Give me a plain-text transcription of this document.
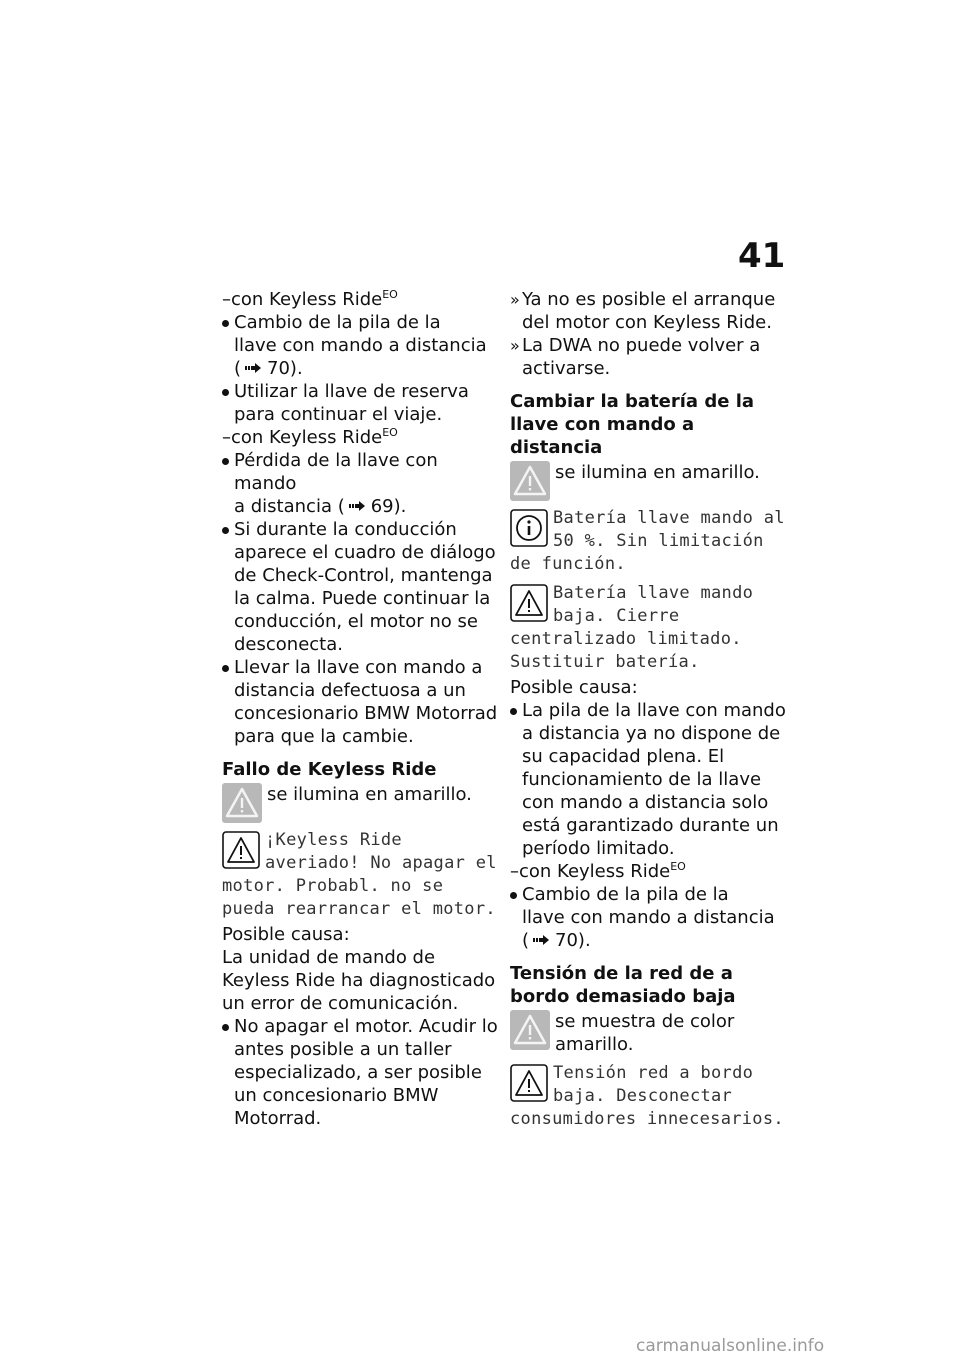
41

–con Keyless Ride$^{EO}$

Cambio de la pila de la
llave con mando a distancia
( 70).

Utilizar la llave de reserva para continuar el viaje.

–con Keyless Ride$^{EO}$

Pérdida de la llave con mando
a distancia ( 69).

Si durante la conducción aparece el cuadro de diálogo de Check-Control, mantenga la calma. Puede continuar la conducción, el motor no se desconecta.

Llevar la llave con mando a distancia defectuosa a un concesionario BMW Motorrad para que la cambie.

Fallo de Keyless Ride
se ilumina en amarillo.
¡Keyless Ride averiado! No apagar el motor. Probabl. no se pueda rearrancar el motor.

Posible causa:

La unidad de mando de Keyless Ride ha diagnosticado un error de comunicación.

No apagar el motor. Acudir lo antes posible a un taller especializado, a ser posible un concesionario BMW Motorrad.

» Ya no es posible el arranque del motor con Keyless Ride.

» La DWA no puede volver a activarse.

Cambiar la batería de la llave con mando a distancia
se ilumina en amarillo.
Batería llave mando al 50 %. Sin limitación de función.
Batería llave mando baja. Cierre centralizado limitado. Sustituir batería.

Posible causa:

La pila de la llave con mando a distancia ya no dispone de su capacidad plena. El funcionamiento de la llave con mando a distancia solo está garantizado durante un período limitado.

–con Keyless Ride$^{EO}$

Cambio de la pila de la
llave con mando a distancia
( 70).

Tensión de la red de a bordo demasiado baja
se muestra de color amarillo.
Tensión red a bordo baja. Desconectar consumidores innecesarios.
carmanualsonline.info
